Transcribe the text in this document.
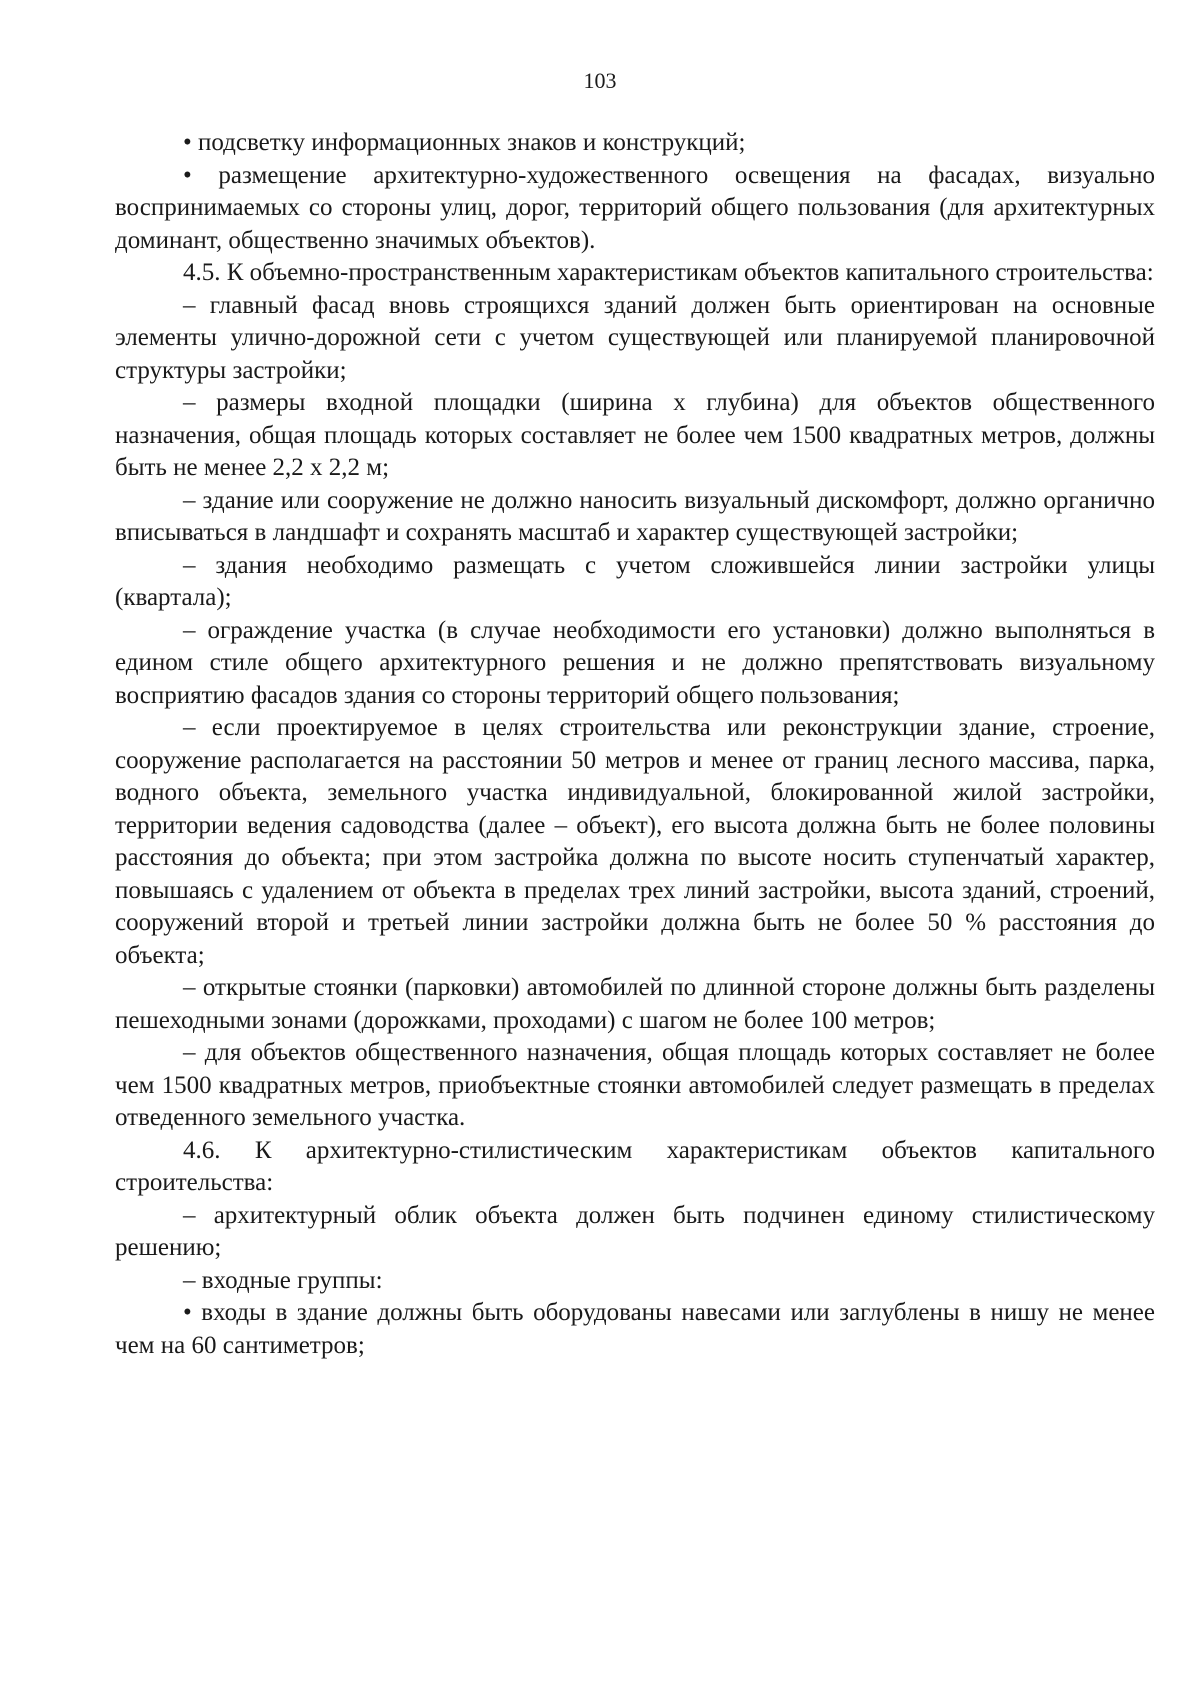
103

• подсветку информационных знаков и конструкций;

• размещение архитектурно-художественного освещения на фасадах, визуально воспринимаемых со стороны улиц, дорог, территорий общего пользования (для архитектурных доминант, общественно значимых объектов).

4.5. К объемно-пространственным характеристикам объектов капитального строительства:

– главный фасад вновь строящихся зданий должен быть ориентирован на основные элементы улично-дорожной сети с учетом существующей или планируемой планировочной структуры застройки;

– размеры входной площадки (ширина х глубина) для объектов общественного назначения, общая площадь которых составляет не более чем 1500 квадратных метров, должны быть не менее 2,2 х 2,2 м;

– здание или сооружение не должно наносить визуальный дискомфорт, должно органично вписываться в ландшафт и сохранять масштаб и характер существующей застройки;

– здания необходимо размещать с учетом сложившейся линии застройки улицы (квартала);

– ограждение участка (в случае необходимости его установки) должно выполняться в едином стиле общего архитектурного решения и не должно препятствовать визуальному восприятию фасадов здания со стороны территорий общего пользования;

– если проектируемое в целях строительства или реконструкции здание, строение, сооружение располагается на расстоянии 50 метров и менее от границ лесного массива, парка, водного объекта, земельного участка индивидуальной, блокированной жилой застройки, территории ведения садоводства (далее – объект), его высота должна быть не более половины расстояния до объекта; при этом застройка должна по высоте носить ступенчатый характер, повышаясь с удалением от объекта в пределах трех линий застройки, высота зданий, строений, сооружений второй и третьей линии застройки должна быть не более 50 % расстояния до объекта;

– открытые стоянки (парковки) автомобилей по длинной стороне должны быть разделены пешеходными зонами (дорожками, проходами) с шагом не более 100 метров;

– для объектов общественного назначения, общая площадь которых составляет не более чем 1500 квадратных метров, приобъектные стоянки автомобилей следует размещать в пределах отведенного земельного участка.

4.6. К архитектурно-стилистическим характеристикам объектов капитального строительства:

– архитектурный облик объекта должен быть подчинен единому стилистическому решению;

– входные группы:

• входы в здание должны быть оборудованы навесами или заглублены в нишу не менее чем на 60 сантиметров;
